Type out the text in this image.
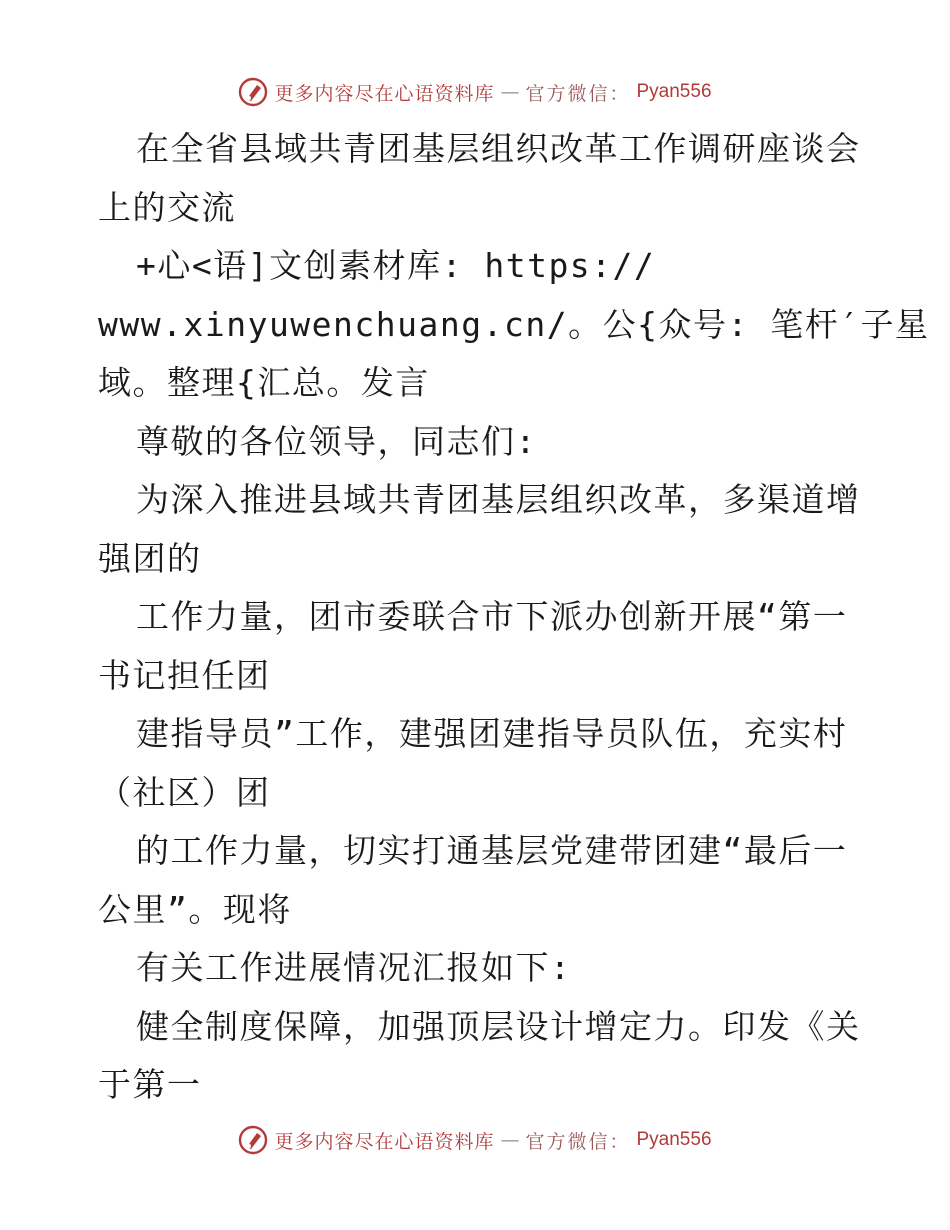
更多内容尽在心语资料库 — 官方微信： Pyan556
在全省县域共青团基层组织改革工作调研座谈会
上的交流
+心<语]文创素材库: https://
www.xinyuwenchuang.cn/。公{众号: 笔杆′子星
域。整理{汇总。发言
尊敬的各位领导，同志们:
为深入推进县域共青团基层组织改革，多渠道增
强团的
工作力量，团市委联合市下派办创新开展“第一
书记担任团
建指导员”工作，建强团建指导员队伍，充实村
（社区）团
的工作力量，切实打通基层党建带团建“最后一
公里”。现将
有关工作进展情况汇报如下:
健全制度保障，加强顶层设计增定力。印发《关
于第一
更多内容尽在心语资料库 — 官方微信： Pyan556
